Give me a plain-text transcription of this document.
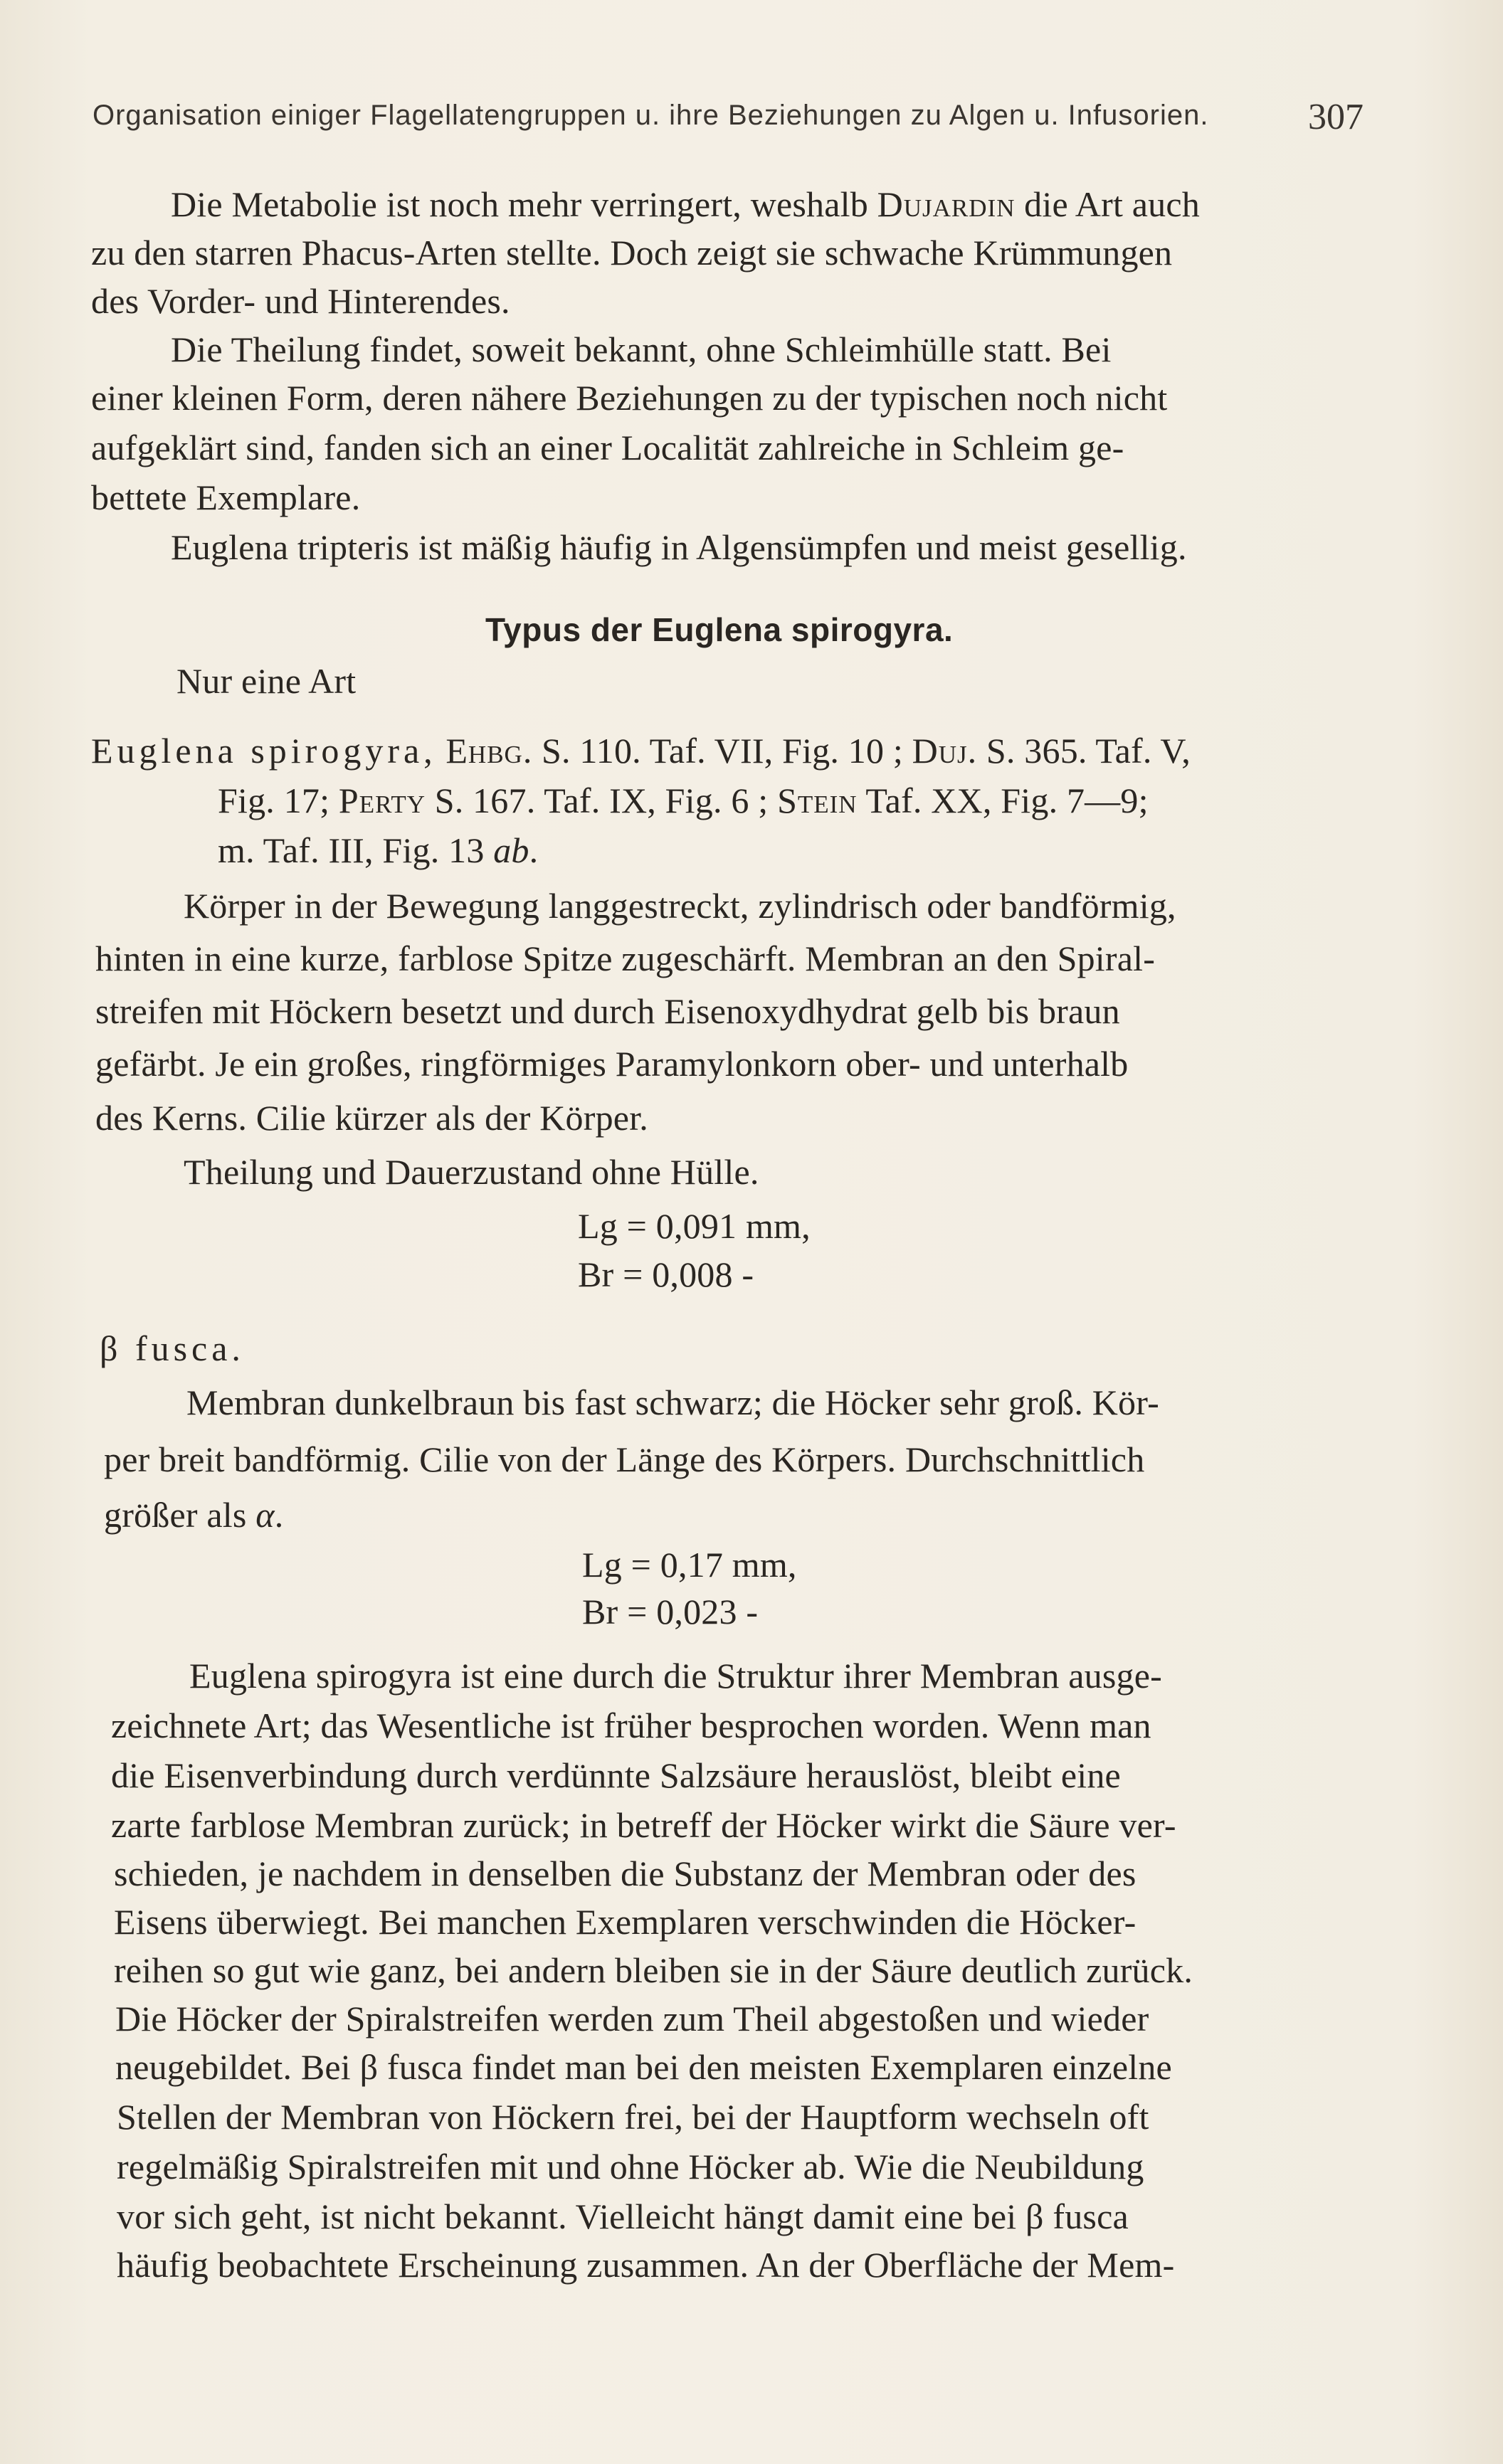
Organisation einiger Flagellatengruppen u. ihre Beziehungen zu Algen u. Infusorien.	307
Die Metabolie ist noch mehr verringert, weshalb Dujardin die Art auch
zu den starren Phacus-Arten stellte. Doch zeigt sie schwache Krümmungen
des Vorder- und Hinterendes.
Die Theilung findet, soweit bekannt, ohne Schleimhülle statt. Bei
einer kleinen Form, deren nähere Beziehungen zu der typischen noch nicht
aufgeklärt sind, fanden sich an einer Localität zahlreiche in Schleim ge-
bettete Exemplare.
Euglena tripteris ist mäßig häufig in Algensümpfen und meist gesellig.
Typus der Euglena spirogyra.
Nur eine Art
Euglena spirogyra, Ehbg. S. 110. Taf. VII, Fig. 10 ; Duj. S. 365. Taf. V,
Fig. 17; Perty S. 167. Taf. IX, Fig. 6 ; Stein Taf. XX, Fig. 7—9;
m. Taf. III, Fig. 13 ab.
Körper in der Bewegung langgestreckt, zylindrisch oder bandförmig,
hinten in eine kurze, farblose Spitze zugeschärft. Membran an den Spiral-
streifen mit Höckern besetzt und durch Eisenoxydhydrat gelb bis braun
gefärbt. Je ein großes, ringförmiges Paramylonkorn ober- und unterhalb
des Kerns. Cilie kürzer als der Körper.
Theilung und Dauerzustand ohne Hülle.
Lg = 0,091 mm,
Br = 0,008 -
β fusca.
Membran dunkelbraun bis fast schwarz; die Höcker sehr groß. Kör-
per breit bandförmig. Cilie von der Länge des Körpers. Durchschnittlich
größer als α.
Lg = 0,17 mm,
Br = 0,023 -
Euglena spirogyra ist eine durch die Struktur ihrer Membran ausge-
zeichnete Art; das Wesentliche ist früher besprochen worden. Wenn man
die Eisenverbindung durch verdünnte Salzsäure herauslöst, bleibt eine
zarte farblose Membran zurück; in betreff der Höcker wirkt die Säure ver-
schieden, je nachdem in denselben die Substanz der Membran oder des
Eisens überwiegt. Bei manchen Exemplaren verschwinden die Höcker-
reihen so gut wie ganz, bei andern bleiben sie in der Säure deutlich zurück.
Die Höcker der Spiralstreifen werden zum Theil abgestoßen und wieder
neugebildet. Bei β fusca findet man bei den meisten Exemplaren einzelne
Stellen der Membran von Höckern frei, bei der Hauptform wechseln oft
regelmäßig Spiralstreifen mit und ohne Höcker ab. Wie die Neubildung
vor sich geht, ist nicht bekannt. Vielleicht hängt damit eine bei β fusca
häufig beobachtete Erscheinung zusammen. An der Oberfläche der Mem-
